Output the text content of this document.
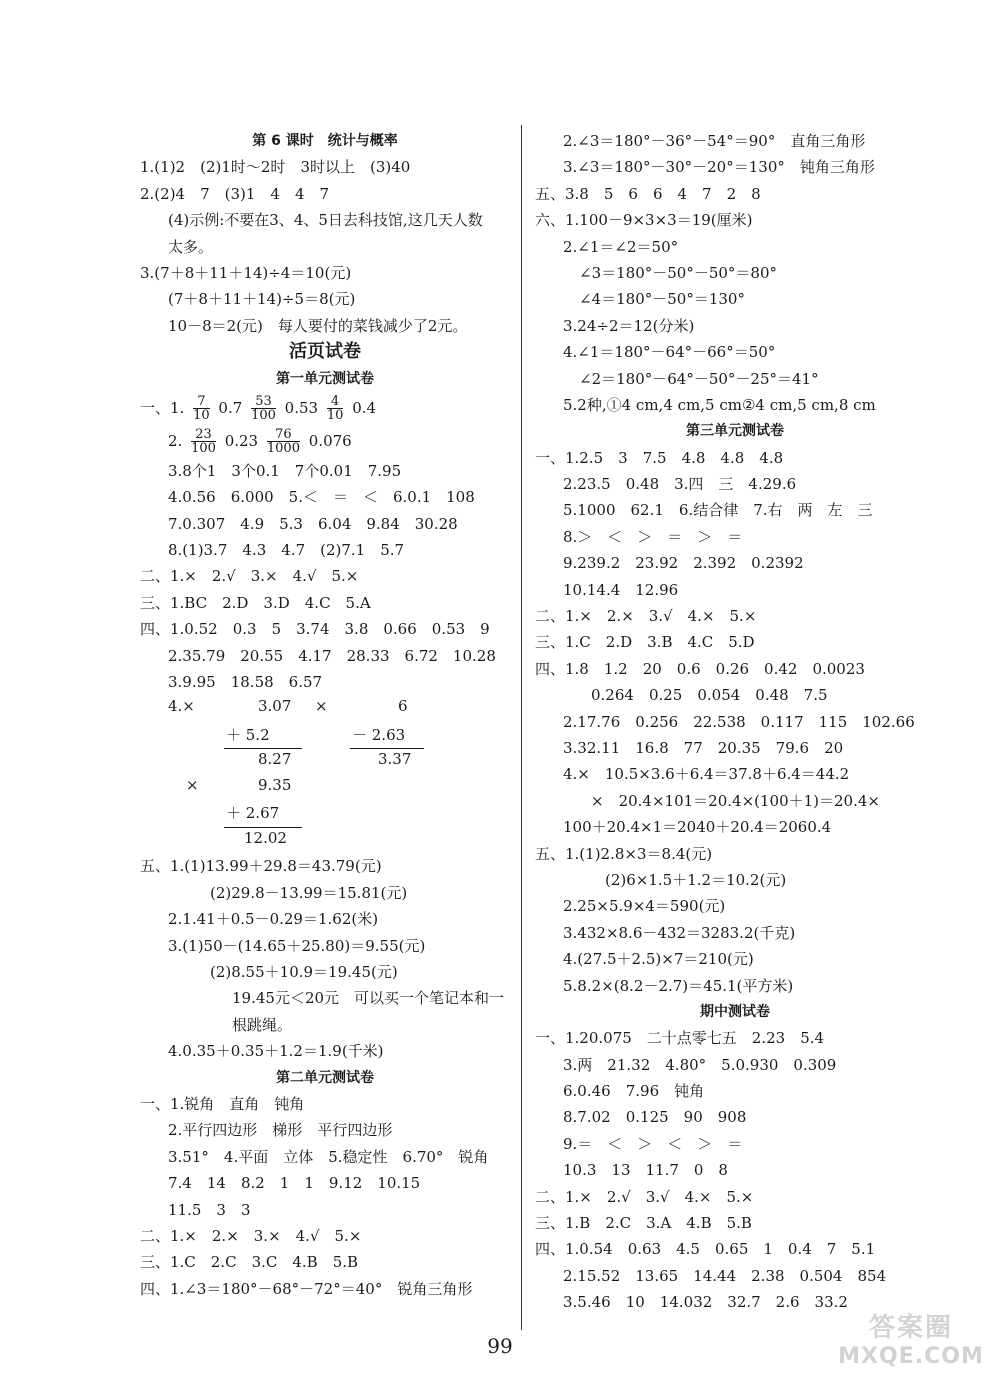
第 6 课时　统计与概率
1.(1)2　(2)1时～2时　3时以上　(3)40
2.(2)4　7　(3)1　4　4　7
(4)示例:不要在3、4、5日去科技馆,这几天人数
太多。
3.(7＋8＋11＋14)÷4＝10(元)
(7＋8＋11＋14)÷5＝8(元)
10－8＝2(元)　每人要付的菜钱减少了2元。
活页试卷
第一单元测试卷
一、1. $\frac{7}{10} 0.7 \frac{53}{100} 0.53 \frac{4}{10} 0.4$
2. $\frac{23}{100} 0.23 \frac{76}{1000} 0.076$
3.8个1　3个0.1　7个0.01　7.95
4.0.56　6.000　5.＜　＝　＜　6.0.1　108
7.0.307　4.9　5.3　6.04　9.84　30.28
8.(1)3.7　4.3　4.7　(2)7.1　5.7
二、1.×　2.√　3.×　4.√　5.×
三、1.BC　2.D　3.D　4.C　5.A
四、1.0.52　0.3　5　3.74　3.8　0.66　0.53　9
2.35.79　20.55　4.17　28.33　6.72　10.28
3.9.95　18.58　6.57
4.×	3.07
＋ 5.2
8.27
×	6
－ 2.63
3.37
×	9.35
＋ 2.67
12.02
五、1.(1)13.99＋29.8＝43.79(元)
(2)29.8－13.99＝15.81(元)
2.1.41＋0.5－0.29＝1.62(米)
3.(1)50－(14.65＋25.80)＝9.55(元)
(2)8.55＋10.9＝19.45(元)
19.45元＜20元　可以买一个笔记本和一
根跳绳。
4.0.35＋0.35＋1.2＝1.9(千米)
第二单元测试卷
一、1.锐角　直角　钝角
2.平行四边形　梯形　平行四边形
3.51°　4.平面　立体　5.稳定性　6.70°　锐角
7.4　14　8.2　1　1　9.12　10.15
11.5　3　3
二、1.×　2.×　3.×　4.√　5.×
三、1.C　2.C　3.C　4.B　5.B
四、1.∠3＝180°－68°－72°＝40°　锐角三角形
2.∠3＝180°－36°－54°＝90°　直角三角形
3.∠3＝180°－30°－20°＝130°　钝角三角形
五、3.8　5　6　6　4　7　2　8
六、1.100－9×3×3＝19(厘米)
2.∠1＝∠2＝50°
∠3＝180°－50°－50°＝80°
∠4＝180°－50°＝130°
3.24÷2＝12(分米)
4.∠1＝180°－64°－66°＝50°
∠2＝180°－64°－50°－25°＝41°
5.2种,①4 cm,4 cm,5 cm②4 cm,5 cm,8 cm
第三单元测试卷
一、1.2.5　3　7.5　4.8　4.8　4.8
2.23.5　0.48　3.四　三　4.29.6
5.1000　62.1　6.结合律　7.右　两　左　三
8.＞　＜　＞　＝　＞　＝
9.239.2　23.92　2.392　0.2392
10.14.4　12.96
二、1.×　2.×　3.√　4.×　5.×
三、1.C　2.D　3.B　4.C　5.D
四、1.8　1.2　20　0.6　0.26　0.42　0.0023
0.264　0.25　0.054　0.48　7.5
2.17.76　0.256　22.538　0.117　115　102.66
3.32.11　16.8　77　20.35　79.6　20
4.×　10.5×3.6＋6.4＝37.8＋6.4＝44.2
×　20.4×101＝20.4×(100＋1)＝20.4×
100＋20.4×1＝2040＋20.4＝2060.4
五、1.(1)2.8×3＝8.4(元)
(2)6×1.5＋1.2＝10.2(元)
2.25×5.9×4＝590(元)
3.432×8.6－432＝3283.2(千克)
4.(27.5＋2.5)×7＝210(元)
5.8.2×(8.2－2.7)＝45.1(平方米)
期中测试卷
一、1.20.075　二十点零七五　2.23　5.4
3.两　21.32　4.80°　5.0.930　0.309
6.0.46　7.96　钝角
8.7.02　0.125　90　908
9.＝　＜　＞　＜　＞　＝
10.3　13　11.7　0　8
二、1.×　2.√　3.√　4.×　5.×
三、1.B　2.C　3.A　4.B　5.B
四、1.0.54　0.63　4.5　0.65　1　0.4　7　5.1
2.15.52　13.65　14.44　2.38　0.504　854
3.5.46　10　14.032　32.7　2.6　33.2
99
答案圈
MXQE.COM
